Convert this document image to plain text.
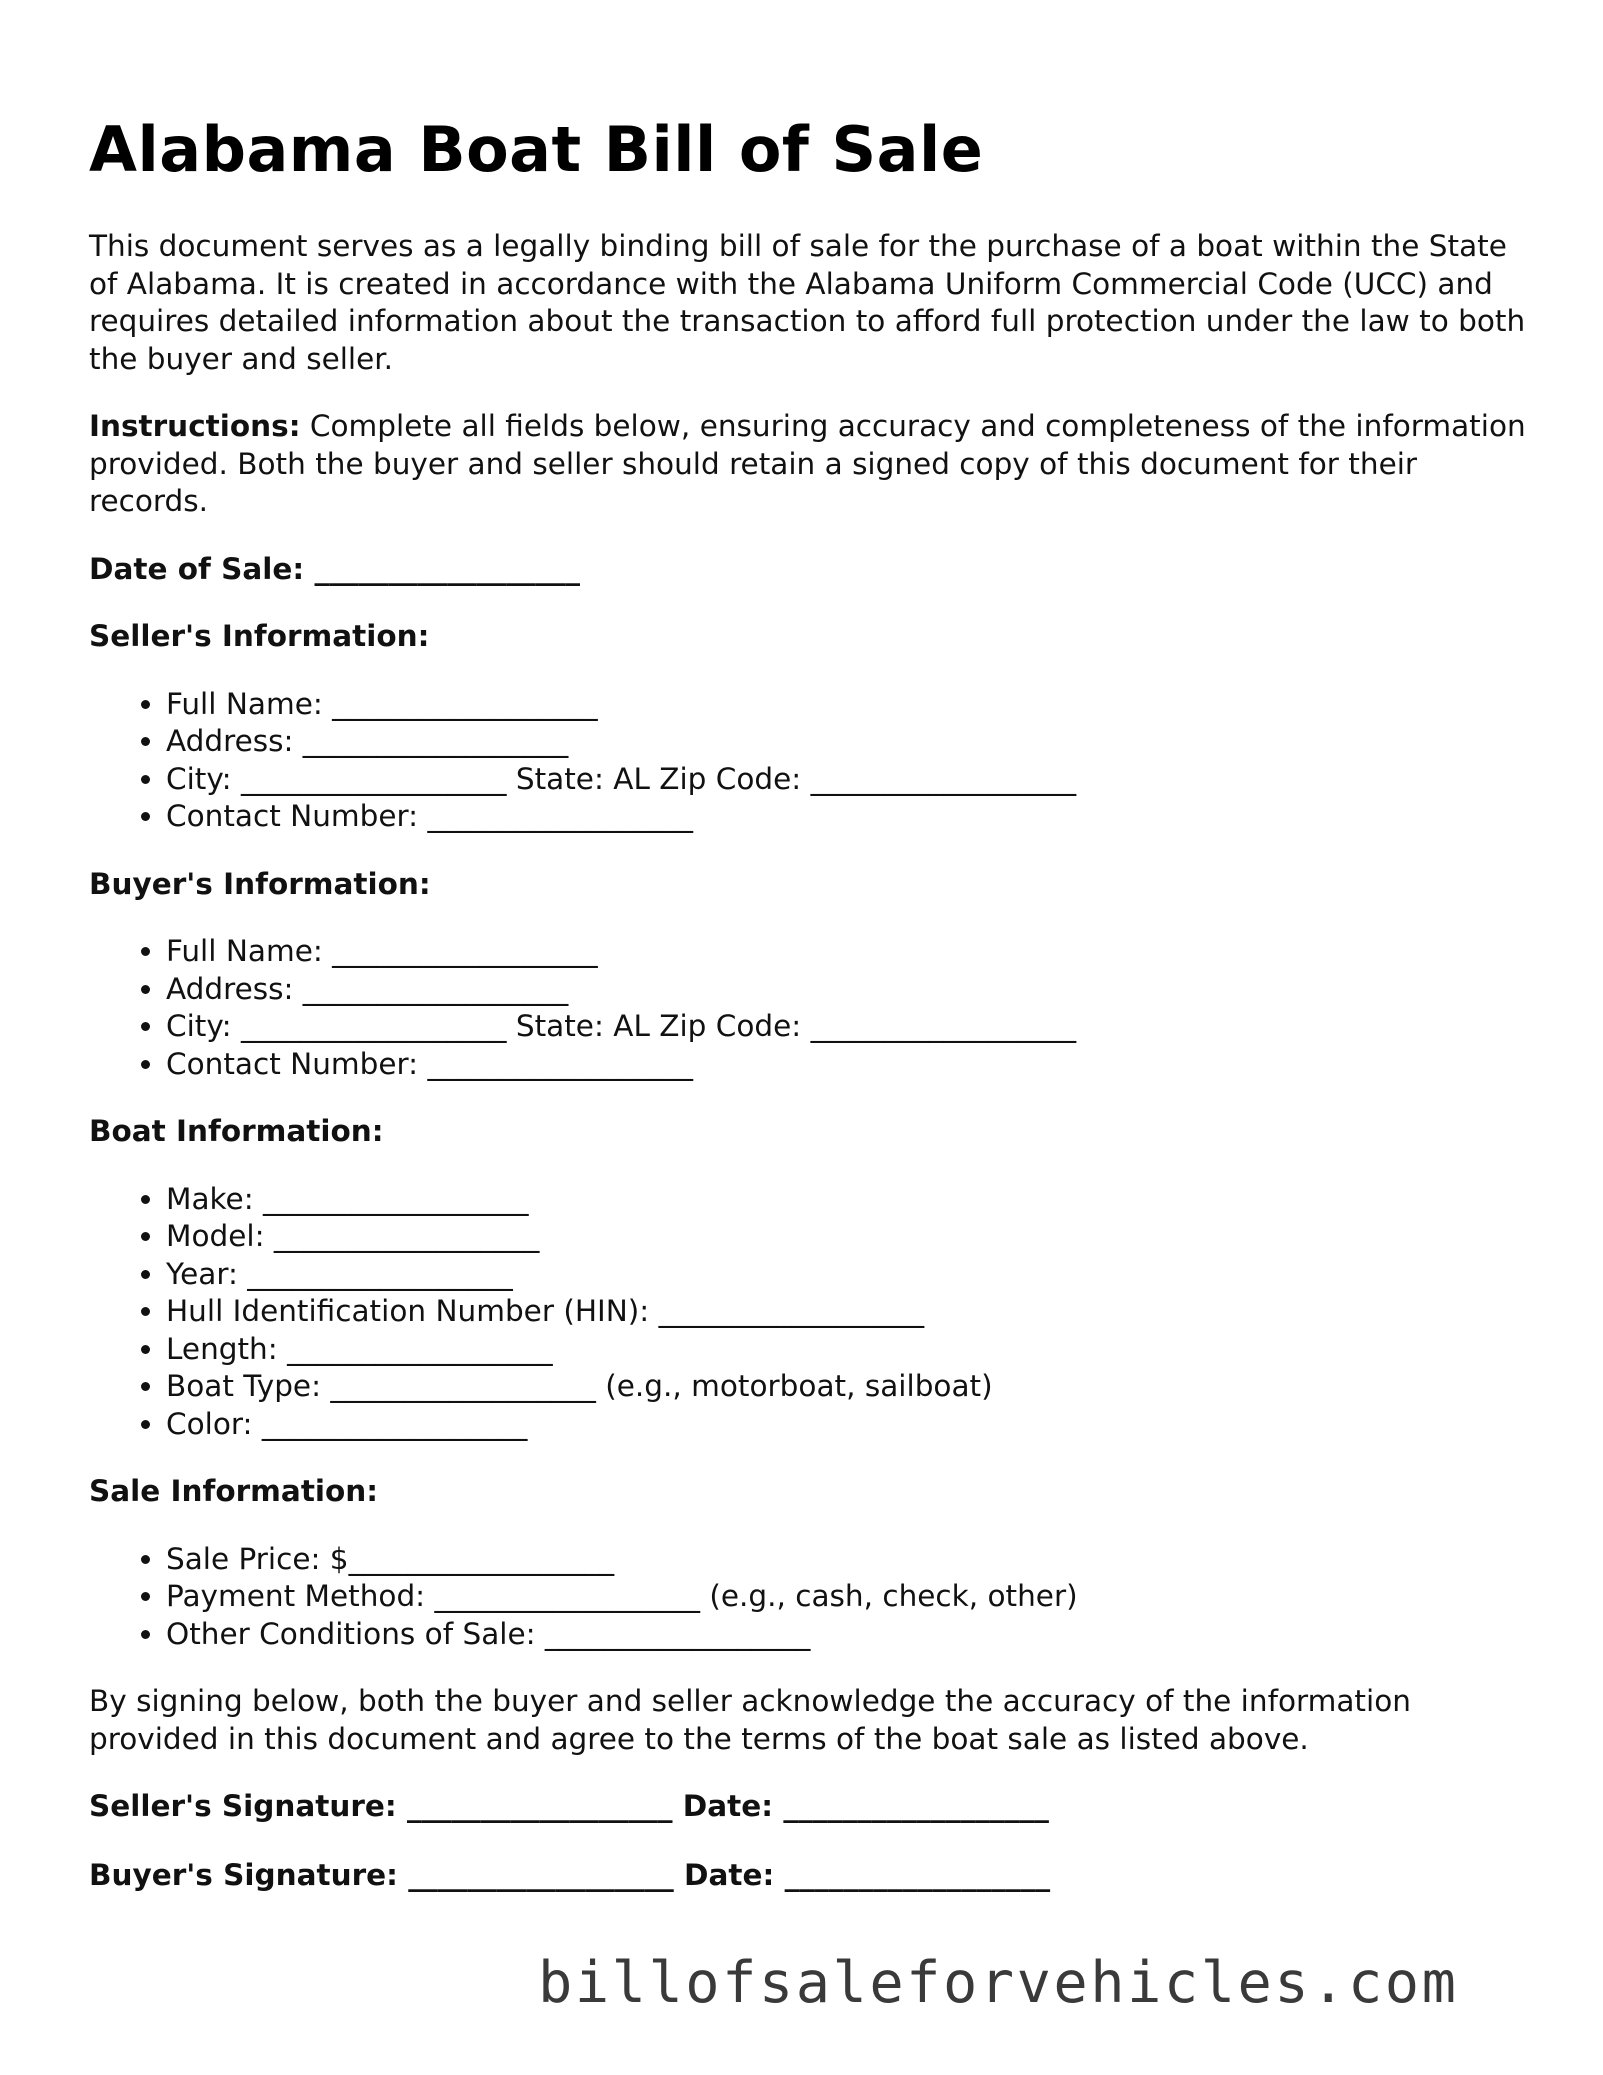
Alabama Boat Bill of Sale

This document serves as a legally binding bill of sale for the purchase of a boat within the State of Alabama. It is created in accordance with the Alabama Uniform Commercial Code (UCC) and requires detailed information about the transaction to afford full protection under the law to both the buyer and seller.

Instructions: Complete all fields below, ensuring accuracy and completeness of the information provided. Both the buyer and seller should retain a signed copy of this document for their records.

Date of Sale: __________________

Seller's Information:

• Full Name: __________________
• Address: __________________
• City: __________________ State: AL Zip Code: __________________
• Contact Number: __________________

Buyer's Information:

• Full Name: __________________
• Address: __________________
• City: __________________ State: AL Zip Code: __________________
• Contact Number: __________________

Boat Information:

• Make: __________________
• Model: __________________
• Year: __________________
• Hull Identification Number (HIN): __________________
• Length: __________________
• Boat Type: __________________ (e.g., motorboat, sailboat)
• Color: __________________

Sale Information:

• Sale Price: $__________________
• Payment Method: __________________ (e.g., cash, check, other)
• Other Conditions of Sale: __________________

By signing below, both the buyer and seller acknowledge the accuracy of the information provided in this document and agree to the terms of the boat sale as listed above.

Seller's Signature: __________________ Date: __________________

Buyer's Signature: __________________ Date: __________________

billofsaleforvehicles.com
